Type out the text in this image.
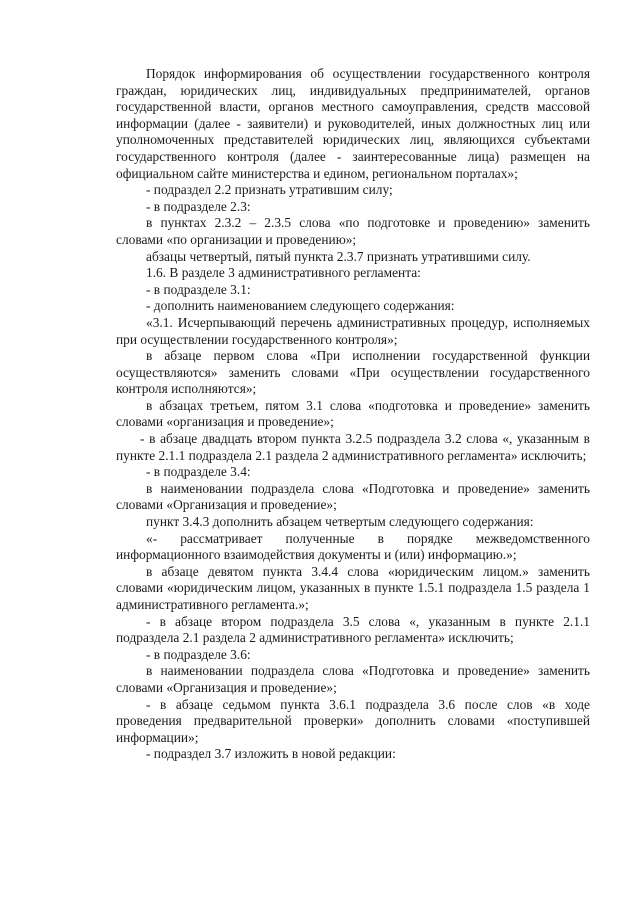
Порядок информирования об осуществлении государственного контроля граждан, юридических лиц, индивидуальных предпринимателей, органов государственной власти, органов местного самоуправления, средств массовой информации (далее - заявители) и руководителей, иных должностных лиц или уполномоченных представителей юридических лиц, являющихся субъектами государственного контроля (далее - заинтересованные лица) размещен на официальном сайте министерства и едином, региональном порталах»;

- подраздел 2.2 признать утратившим силу;

- в подразделе 2.3:

в пунктах 2.3.2 – 2.3.5 слова «по подготовке и проведению» заменить словами «по организации и проведению»;

абзацы четвертый, пятый пункта 2.3.7 признать утратившими силу.

1.6. В разделе 3 административного регламента:

- в подразделе 3.1:

- дополнить наименованием следующего содержания:

«3.1. Исчерпывающий перечень административных процедур, исполняемых при осуществлении государственного контроля»;

в абзаце первом слова «При исполнении государственной функции осуществляются» заменить словами «При осуществлении государственного контроля исполняются»;

в абзацах третьем, пятом 3.1 слова «подготовка и проведение» заменить словами «организация и проведение»;

- в абзаце двадцать втором пункта 3.2.5 подраздела 3.2 слова «, указанным в пункте 2.1.1 подраздела 2.1 раздела 2 административного регламента» исключить;

- в подразделе 3.4:

в наименовании подраздела слова «Подготовка и проведение» заменить словами «Организация и проведение»;

пункт 3.4.3 дополнить абзацем четвертым следующего содержания:

«- рассматривает полученные в порядке межведомственного информационного взаимодействия документы и (или) информацию.»;

в абзаце девятом пункта 3.4.4 слова «юридическим лицом.» заменить словами «юридическим лицом, указанных в пункте 1.5.1 подраздела 1.5 раздела 1 административного регламента.»;

- в абзаце втором подраздела 3.5 слова «, указанным в пункте 2.1.1 подраздела 2.1 раздела 2 административного регламента» исключить;

- в подразделе 3.6:

в наименовании подраздела слова «Подготовка и проведение» заменить словами «Организация и проведение»;

- в абзаце седьмом пункта 3.6.1 подраздела 3.6 после слов «в ходе проведения предварительной проверки» дополнить словами «поступившей информации»;

- подраздел 3.7 изложить в новой редакции:
